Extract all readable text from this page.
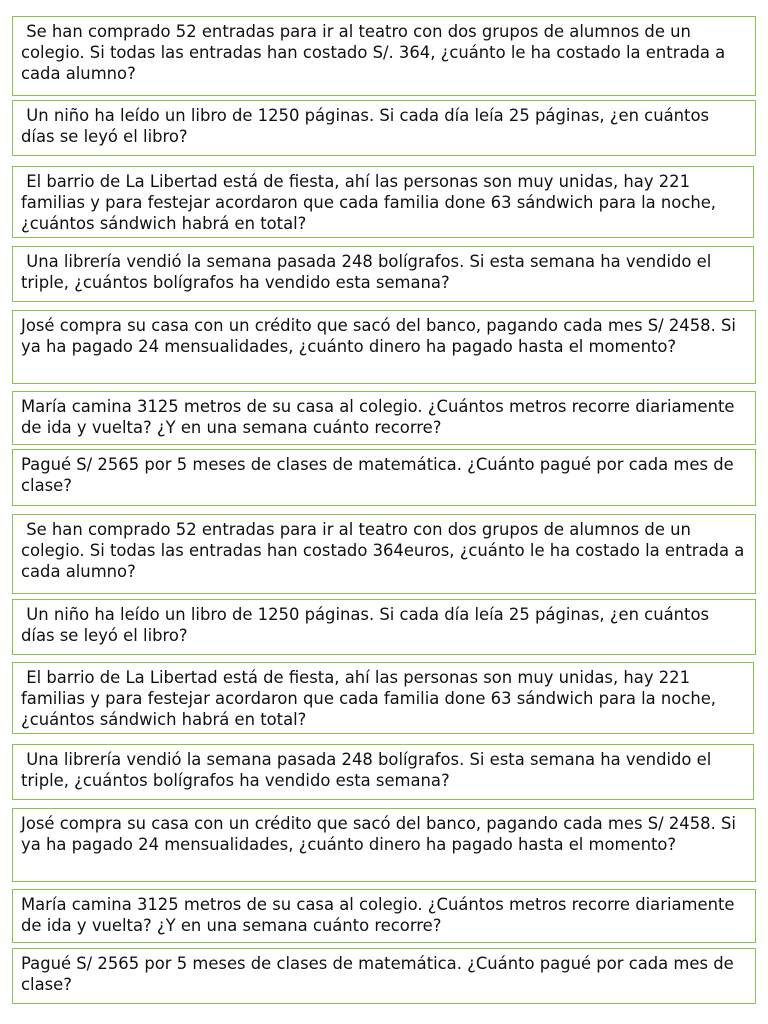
Se han comprado 52 entradas para ir al teatro con dos grupos de alumnos de un colegio. Si todas las entradas han costado S/. 364, ¿cuánto le ha costado la entrada a cada alumno?

Un niño ha leído un libro de 1250 páginas. Si cada día leía 25 páginas, ¿en cuántos días se leyó el libro?

El barrio de La Libertad está de fiesta, ahí las personas son muy unidas, hay 221 familias y para festejar acordaron que cada familia done 63 sándwich para la noche, ¿cuántos sándwich habrá en total?

Una librería vendió la semana pasada 248 bolígrafos. Si esta semana ha vendido el triple, ¿cuántos bolígrafos ha vendido esta semana?

José compra su casa con un crédito que sacó del banco, pagando cada mes S/ 2458. Si ya ha pagado 24 mensualidades, ¿cuánto dinero ha pagado hasta el momento?

María camina 3125 metros de su casa al colegio. ¿Cuántos metros recorre diariamente de ida y vuelta? ¿Y en una semana cuánto recorre?

Pagué S/ 2565 por 5 meses de clases de matemática. ¿Cuánto pagué por cada mes de clase?

Se han comprado 52 entradas para ir al teatro con dos grupos de alumnos de un colegio. Si todas las entradas han costado 364euros, ¿cuánto le ha costado la entrada a cada alumno?

Un niño ha leído un libro de 1250 páginas. Si cada día leía 25 páginas, ¿en cuántos días se leyó el libro?

El barrio de La Libertad está de fiesta, ahí las personas son muy unidas, hay 221 familias y para festejar acordaron que cada familia done 63 sándwich para la noche, ¿cuántos sándwich habrá en total?

Una librería vendió la semana pasada 248 bolígrafos. Si esta semana ha vendido el triple, ¿cuántos bolígrafos ha vendido esta semana?

José compra su casa con un crédito que sacó del banco, pagando cada mes S/ 2458. Si ya ha pagado 24 mensualidades, ¿cuánto dinero ha pagado hasta el momento?

María camina 3125 metros de su casa al colegio. ¿Cuántos metros recorre diariamente de ida y vuelta? ¿Y en una semana cuánto recorre?

Pagué S/ 2565 por 5 meses de clases de matemática. ¿Cuánto pagué por cada mes de clase?
